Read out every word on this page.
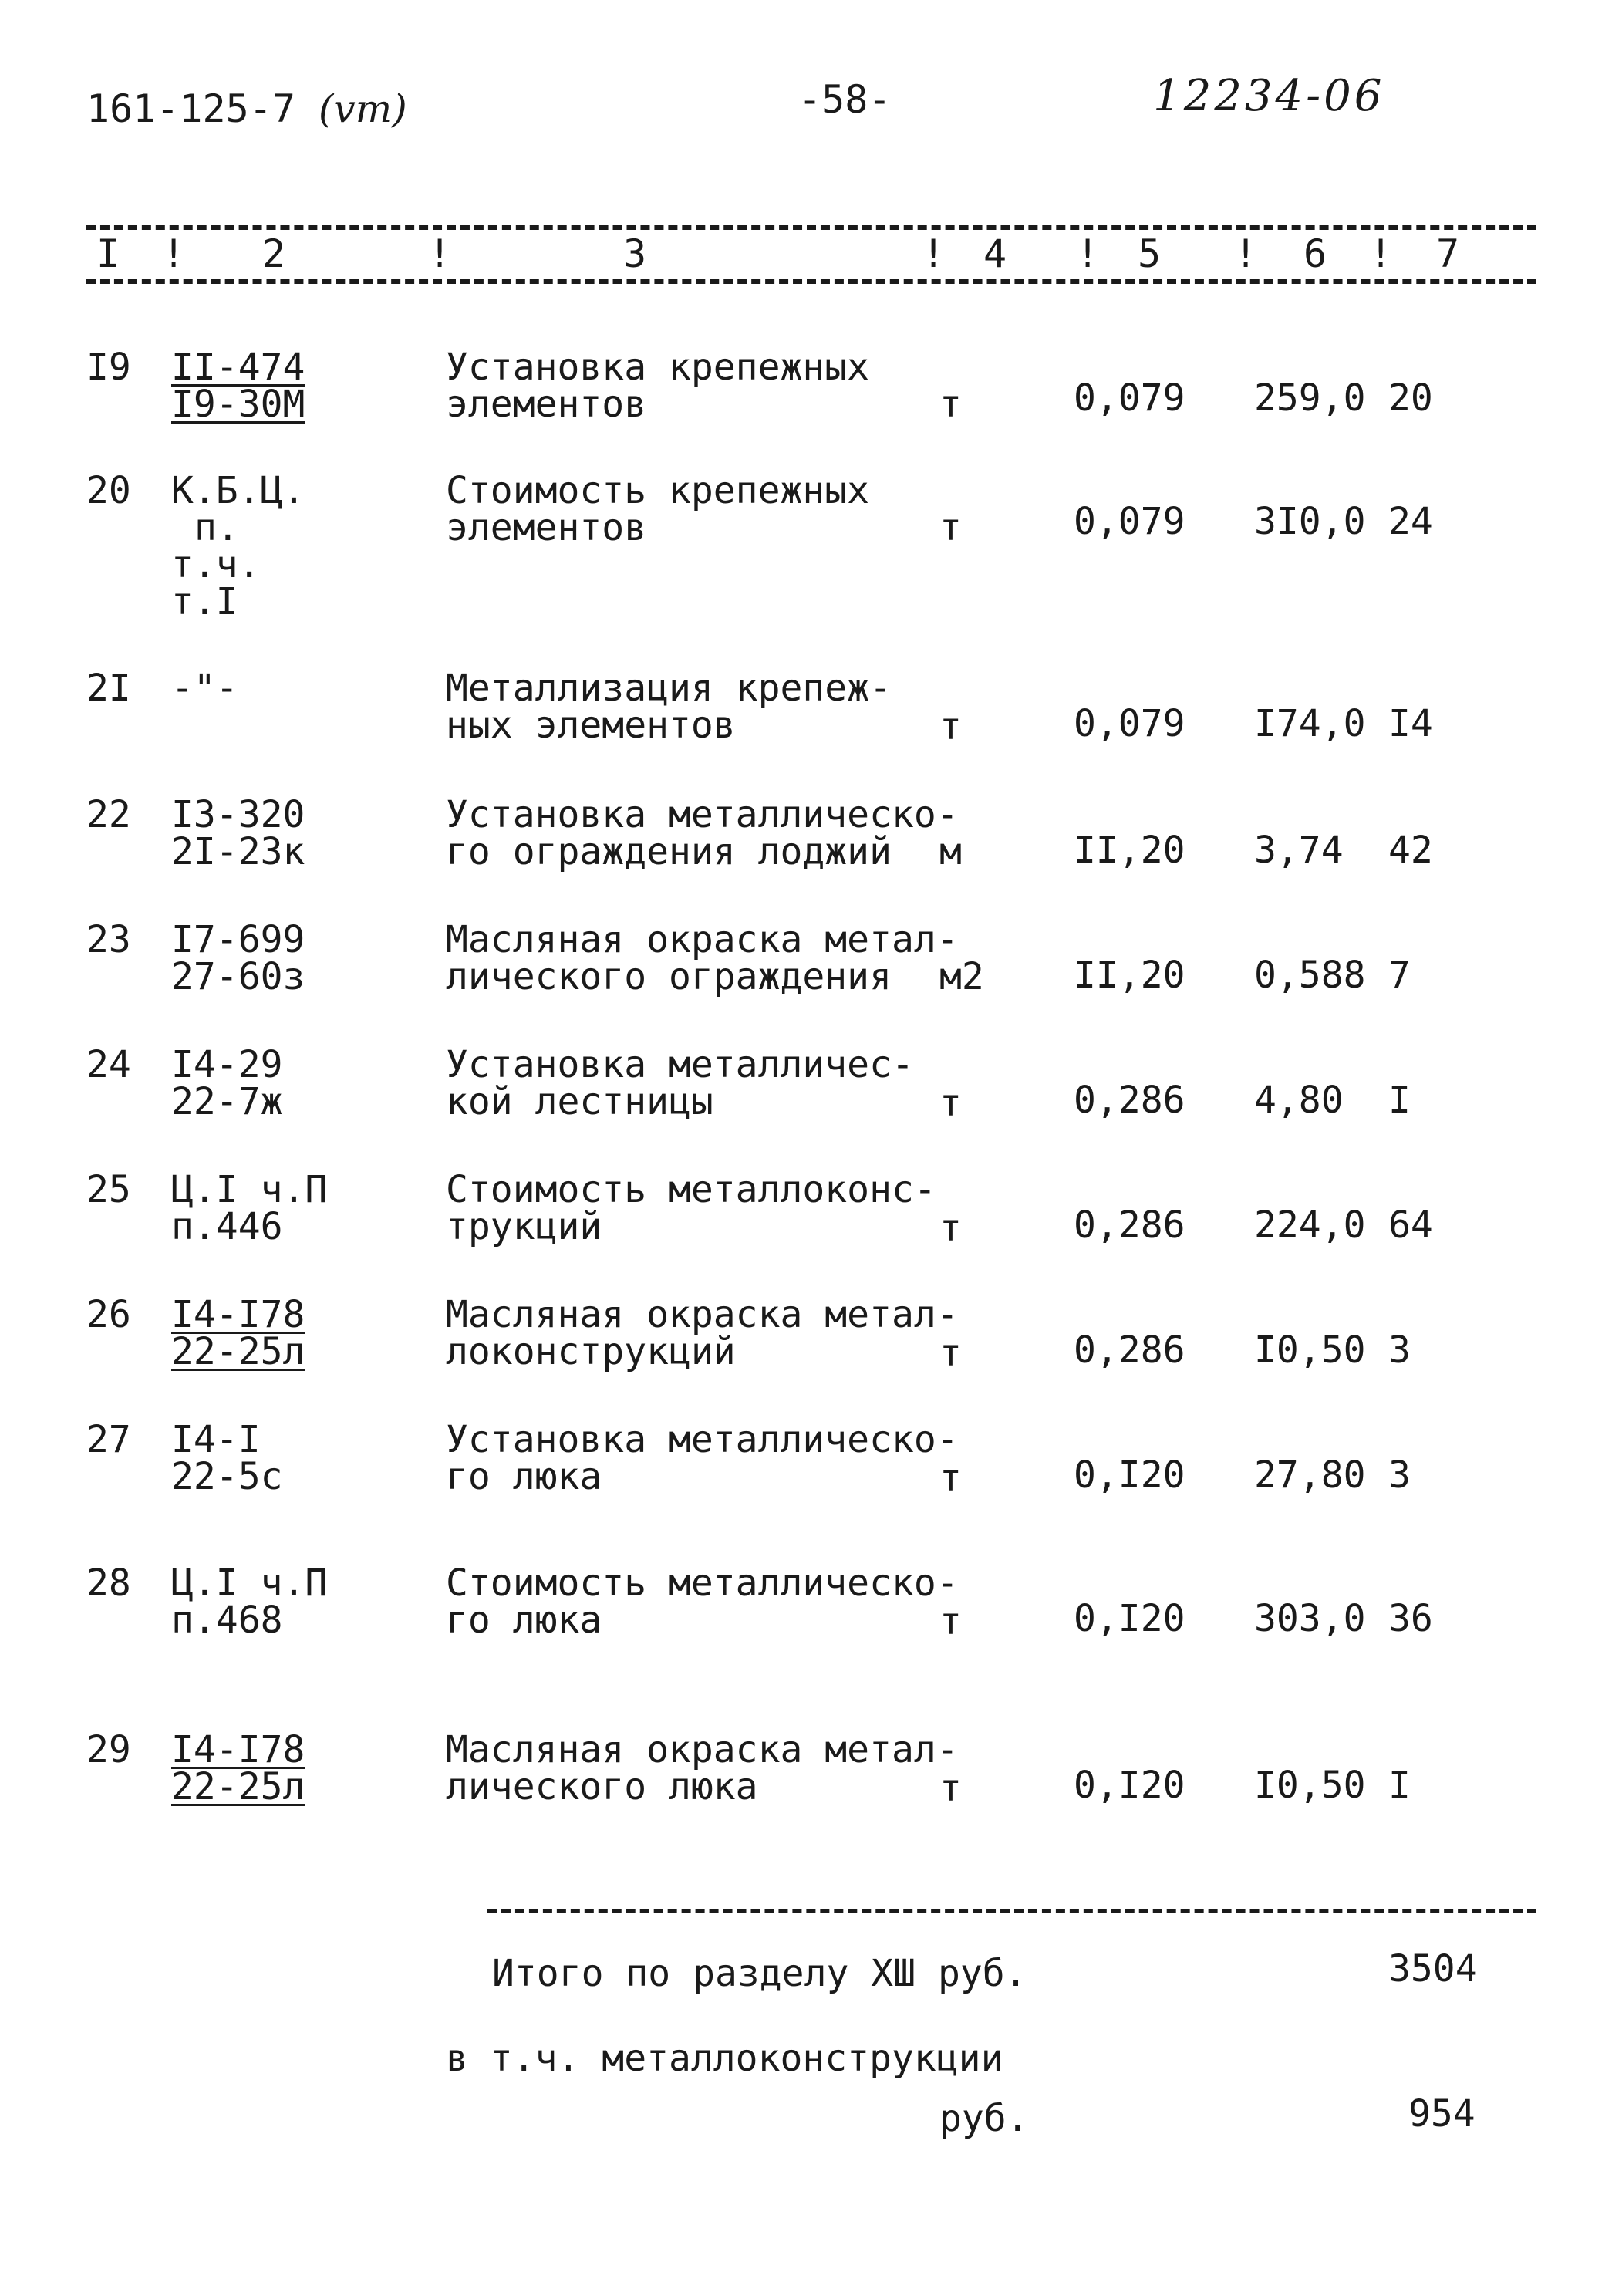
161-125-7 (vm)	-58-	12234-06
I	2	3	4	5	6	7
!	!	!	!	!	!
I9 II-474
I9-30M
Установка крепежных
элементов	т	0,079 259,0 20
20 К.Б.Ц.
п.
т.ч.
т.I
Стоимость крепежных
элементов	т	0,079 3I0,0 24
2I -"-	Металлизация крепеж-
ных элементов	т	0,079 I74,0 I4
22 I3-320
2I-23к
Установка металлическо-
го ограждения лоджий	м	II,20 3,74 42
23 I7-699
27-60з
Масляная окраска метал-
лического ограждения	м2 II,20 0,588 7
24 I4-29
22-7ж
Установка металличес-
кой лестницы	т	0,286 4,80 I
25 Ц.I ч.П
п.446
Стоимость металлоконс-
трукций	т	0,286 224,0 64
26 I4-I78
22-25л
Масляная окраска метал-
локонструкций	т	0,286 I0,50 3
27 I4-I
22-5с
Установка металлическо-
го люка	т	0,I20 27,80 3
28 Ц.I ч.П
п.468
Стоимость металлическо-
го люка	т	0,I20 303,0 36
29 I4-I78
22-25л
Масляная окраска метал-
лического люка	т	0,I20 I0,50 I
Итого по разделу ХШ руб.	3504
в т.ч. металлоконструкции
руб.	954
